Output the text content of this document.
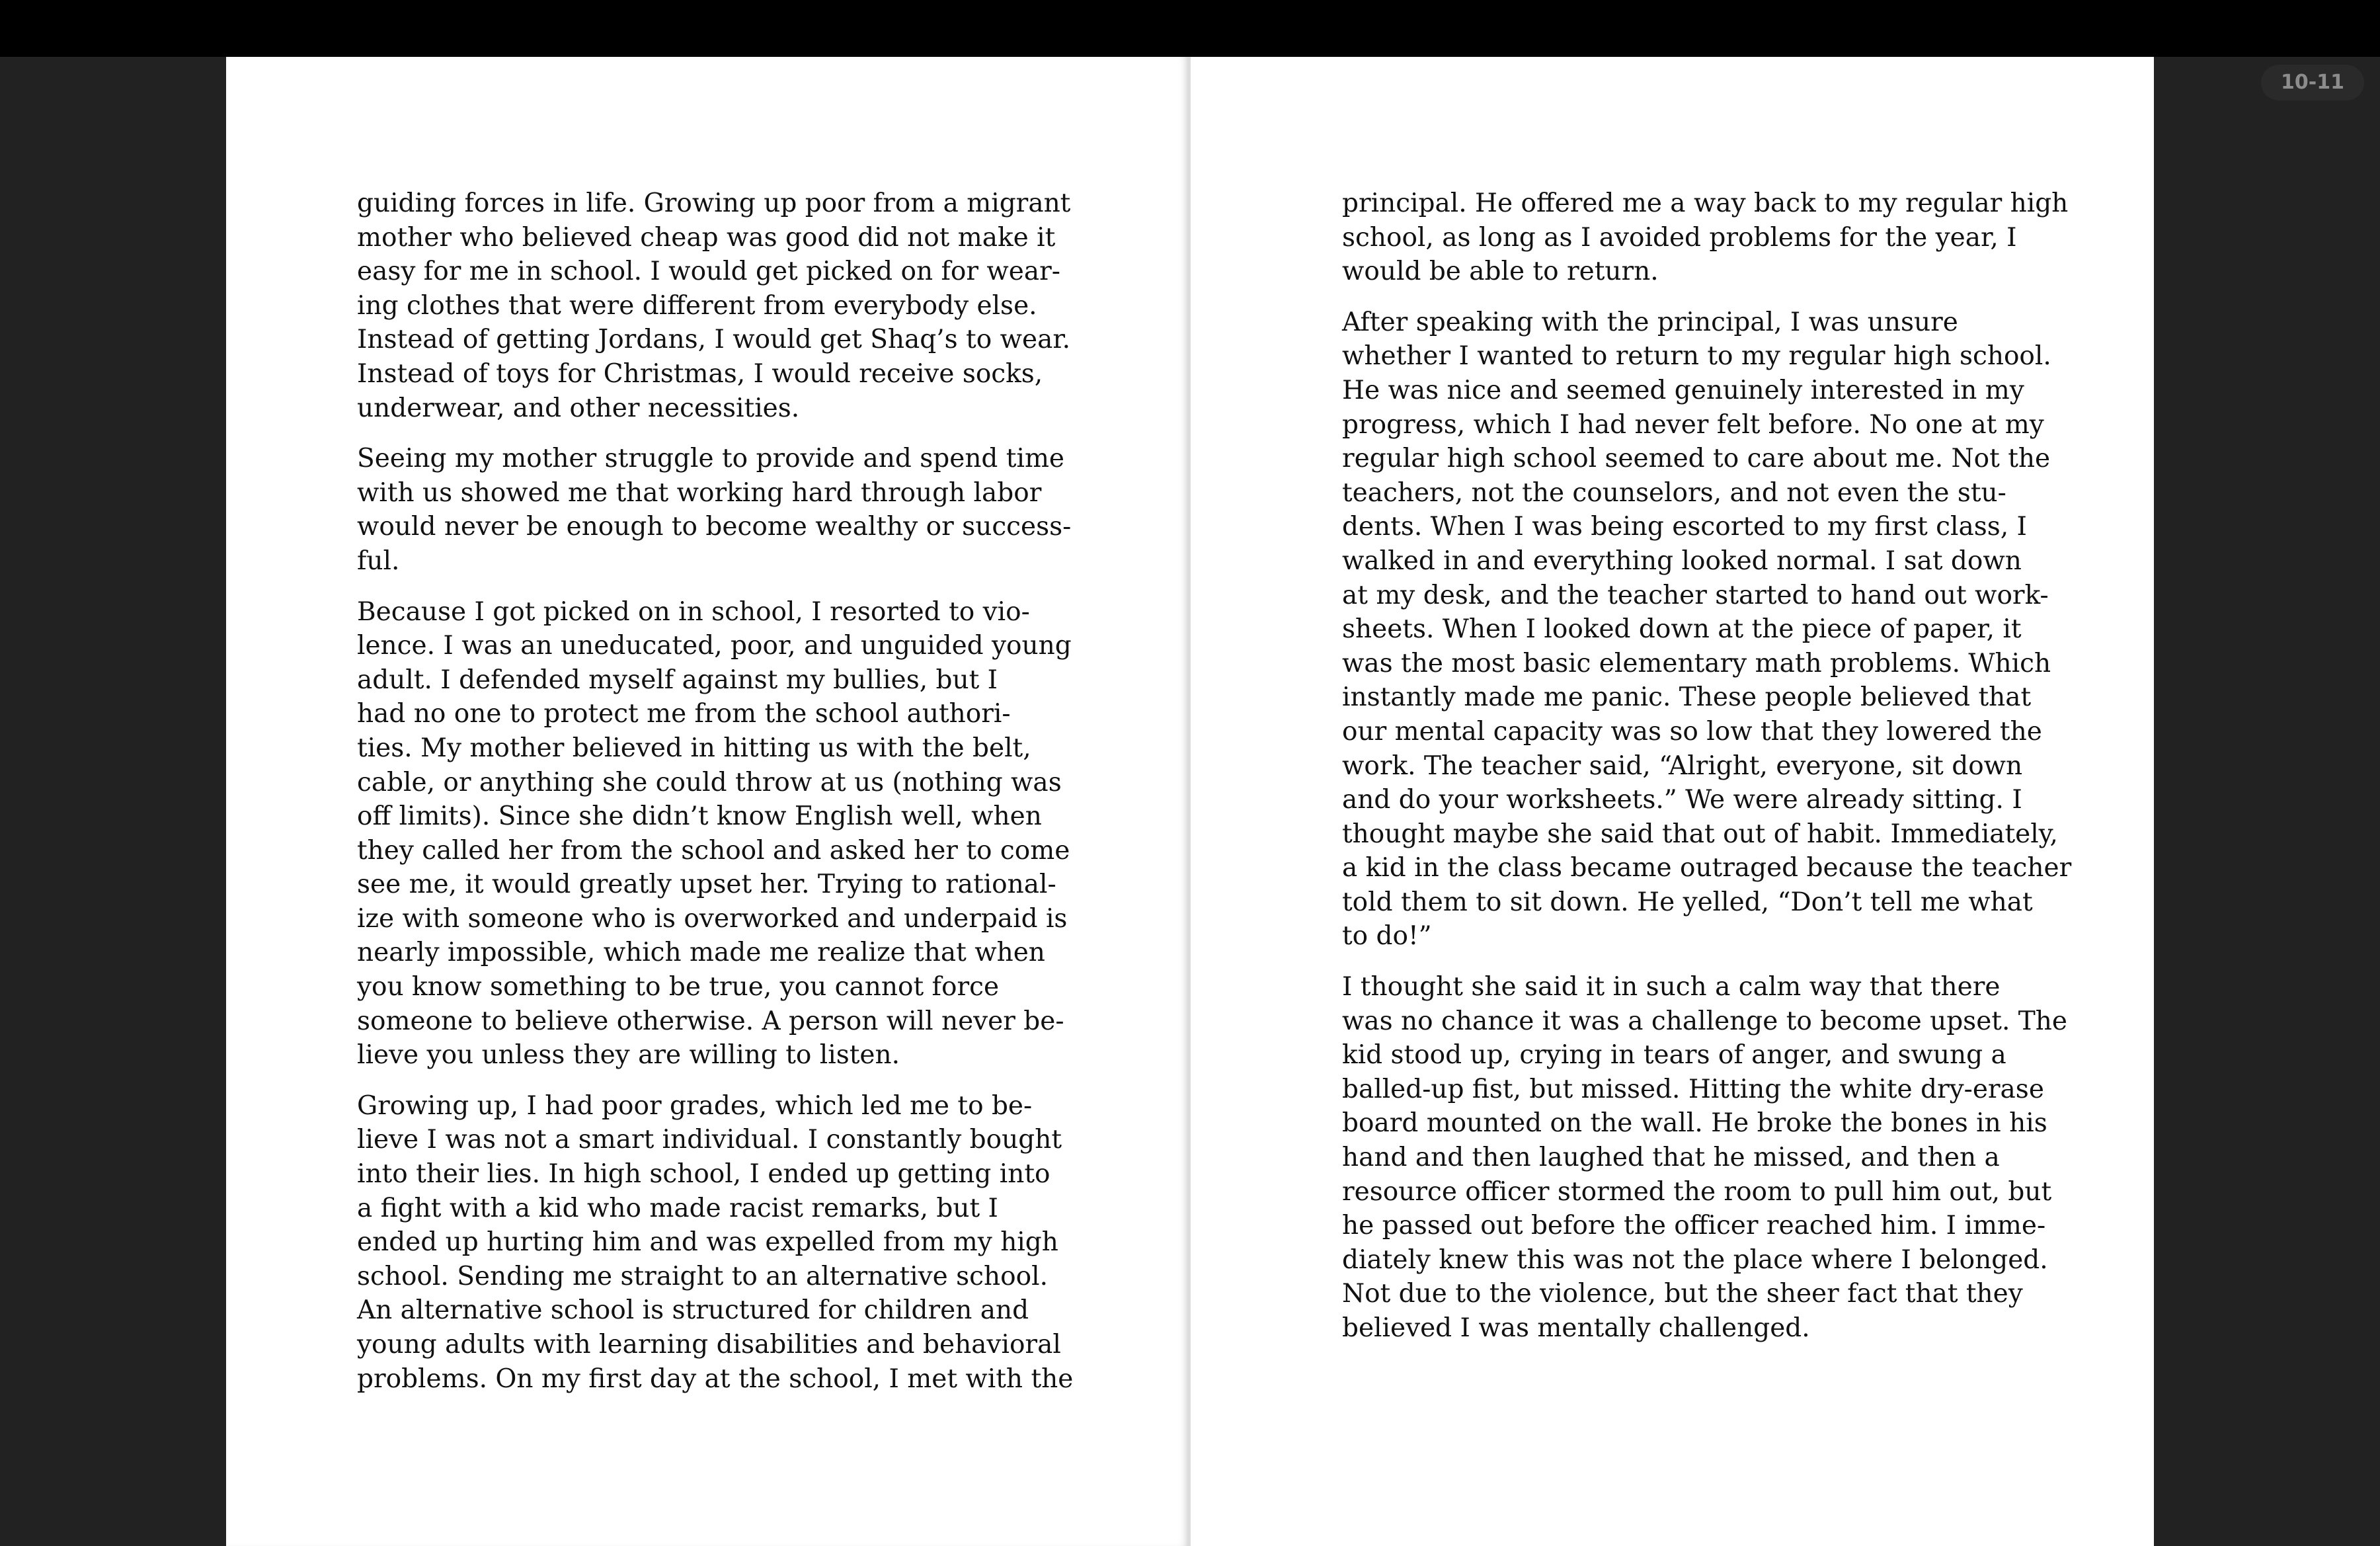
guiding forces in life. Growing up poor from a migrant
mother who believed cheap was good did not make it
easy for me in school. I would get picked on for wear-
ing clothes that were different from everybody else.
Instead of getting Jordans, I would get Shaq’s to wear.
Instead of toys for Christmas, I would receive socks,
underwear, and other necessities.
Seeing my mother struggle to provide and spend time
with us showed me that working hard through labor
would never be enough to become wealthy or success-
ful.
Because I got picked on in school, I resorted to vio-
lence. I was an uneducated, poor, and unguided young
adult. I defended myself against my bullies, but I
had no one to protect me from the school authori-
ties. My mother believed in hitting us with the belt,
cable, or anything she could throw at us (nothing was
off limits). Since she didn’t know English well, when
they called her from the school and asked her to come
see me, it would greatly upset her. Trying to rational-
ize with someone who is overworked and underpaid is
nearly impossible, which made me realize that when
you know something to be true, you cannot force
someone to believe otherwise. A person will never be-
lieve you unless they are willing to listen.
Growing up, I had poor grades, which led me to be-
lieve I was not a smart individual. I constantly bought
into their lies. In high school, I ended up getting into
a fight with a kid who made racist remarks, but I
ended up hurting him and was expelled from my high
school. Sending me straight to an alternative school.
An alternative school is structured for children and
young adults with learning disabilities and behavioral
problems. On my first day at the school, I met with the
principal. He offered me a way back to my regular high
school, as long as I avoided problems for the year, I
would be able to return.
After speaking with the principal, I was unsure
whether I wanted to return to my regular high school.
He was nice and seemed genuinely interested in my
progress, which I had never felt before. No one at my
regular high school seemed to care about me. Not the
teachers, not the counselors, and not even the stu-
dents. When I was being escorted to my first class, I
walked in and everything looked normal. I sat down
at my desk, and the teacher started to hand out work-
sheets. When I looked down at the piece of paper, it
was the most basic elementary math problems. Which
instantly made me panic. These people believed that
our mental capacity was so low that they lowered the
work. The teacher said, “Alright, everyone, sit down
and do your worksheets.” We were already sitting. I
thought maybe she said that out of habit. Immediately,
a kid in the class became outraged because the teacher
told them to sit down. He yelled, “Don’t tell me what
to do!”
I thought she said it in such a calm way that there
was no chance it was a challenge to become upset. The
kid stood up, crying in tears of anger, and swung a
balled-up fist, but missed. Hitting the white dry-erase
board mounted on the wall. He broke the bones in his
hand and then laughed that he missed, and then a
resource officer stormed the room to pull him out, but
he passed out before the officer reached him. I imme-
diately knew this was not the place where I belonged.
Not due to the violence, but the sheer fact that they
believed I was mentally challenged.
10-11
